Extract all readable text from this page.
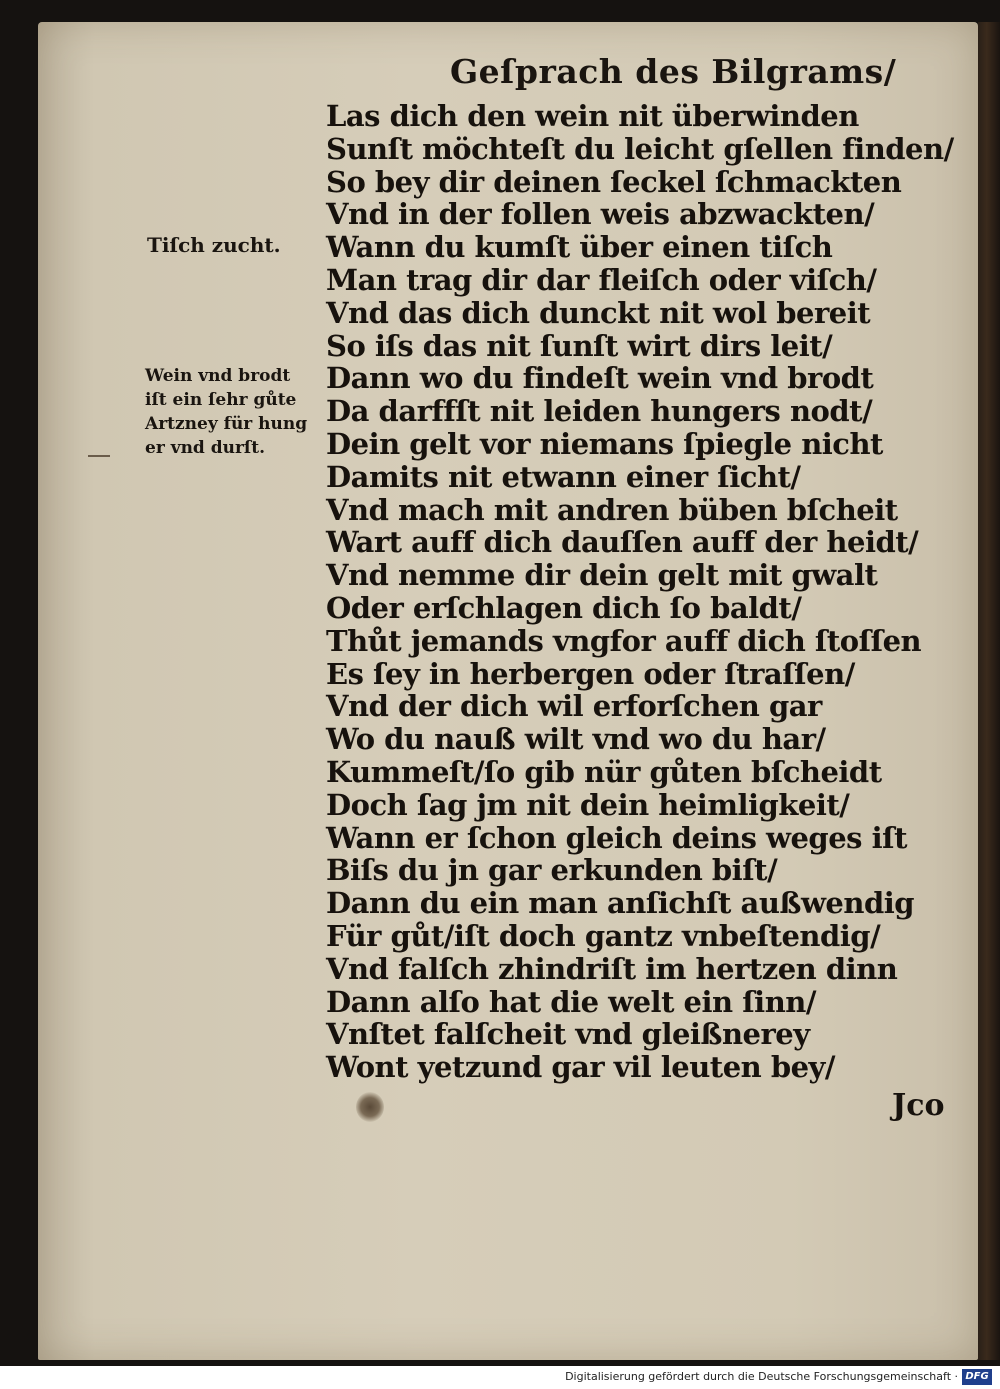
Geſprach des Bilgrams/
Las dich den wein nit überwinden
Sunſt möchteſt du leicht gſellen finden/
So bey dir deinen ſeckel ſchmackten
Vnd in der follen weis abzwackten/
Wann du kumſt über einen tiſch
Man trag dir dar fleiſch oder viſch/
Vnd das dich dunckt nit wol bereit
So iſs das nit ſunſt wirt dirs leit/
Dann wo du findeſt wein vnd brodt
Da darffſt nit leiden hungers nodt/
Dein gelt vor niemans ſpiegle nicht
Damits nit etwann einer ſicht/
Vnd mach mit andren büben bſcheit
Wart auff dich dauſſen auff der heidt/
Vnd nemme dir dein gelt mit gwalt
Oder erſchlagen dich ſo baldt/
Thůt jemands vngfor auff dich ſtoſſen
Es ſey in herbergen oder ſtraſſen/
Vnd der dich wil erforſchen gar
Wo du nauß wilt vnd wo du har/
Kummeſt/ſo gib nür gůten bſcheidt
Doch ſag jm nit dein heimligkeit/
Wann er ſchon gleich deins weges iſt
Biſs du jn gar erkunden biſt/
Dann du ein man anſichſt außwendig
Für gůt/iſt doch gantz vnbeſtendig/
Vnd falſch zhindriſt im hertzen dinn
Dann alſo hat die welt ein ſinn/
Vnſtet falſcheit vnd gleißnerey
Wont yetzund gar vil leuten bey/
Tiſch zucht.
Wein vnd brodt
iſt ein ſehr gůte
Artzney für hung
er vnd durſt.
Jco
Digitalisierung gefördert durch die Deutsche Forschungsgemeinschaft · DFG
